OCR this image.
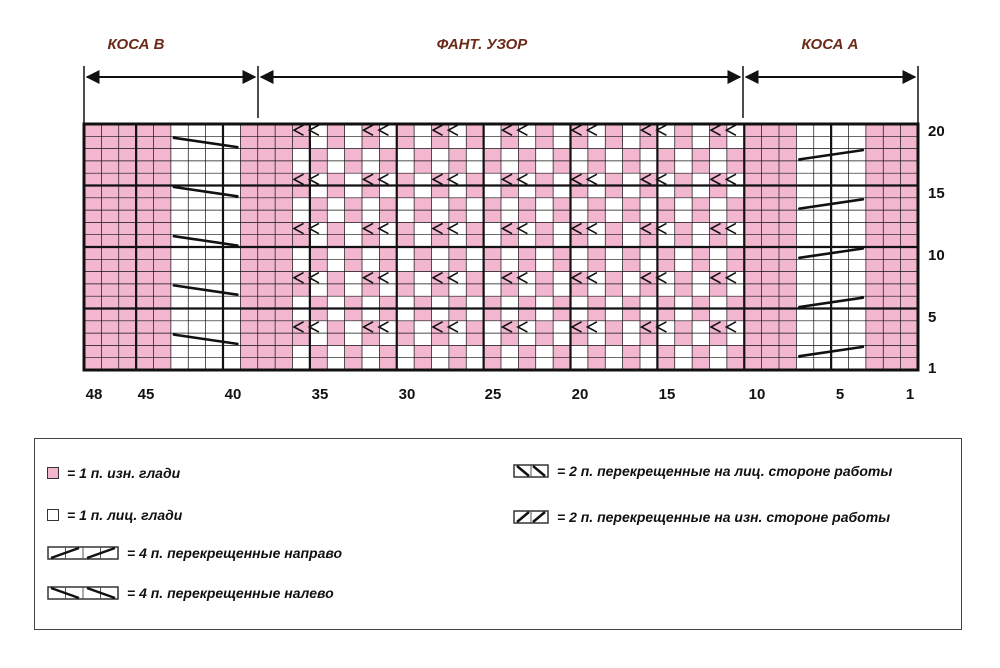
48 45	40	35	30	25	20	15	10	5	1
20
15
10
5
1
КОСА В	ФАНТ. УЗОР	КОСА А
= 1 п. изн. глади
= 1 п. лиц. глади
= 4 п. перекрещенные направо
= 4 п. перекрещенные налево
= 2 п. перекрещенные на лиц. стороне работы
= 2 п. перекрещенные на изн. стороне работы
